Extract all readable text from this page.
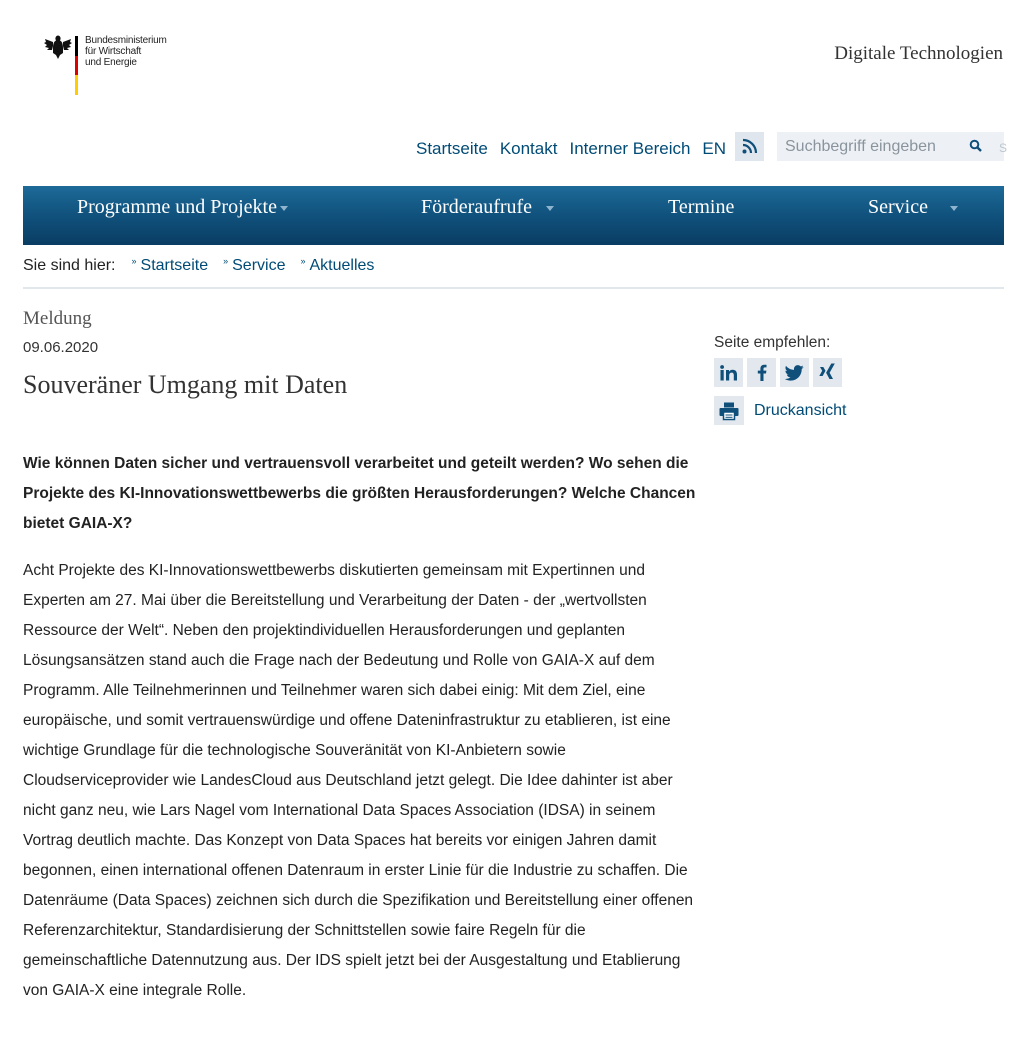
Bundesministerium
für Wirtschaft
und Energie	Digitale Technologien
Startseite Kontakt Interner Bereich EN
Suchbegriff eingeben	S
Programme und Projekte	Förderaufrufe	Termine	Service
Sie sind hier: » Startseite » Service » Aktuelles
Meldung
09.06.2020
Souveräner Umgang mit Daten

Wie können Daten sicher und vertrauensvoll verarbeitet und geteilt werden? Wo sehen die Projekte des KI-Innovationswettbewerbs die größten Herausforderungen? Welche Chancen bietet GAIA-X?

Acht Projekte des KI-Innovationswettbewerbs diskutierten gemeinsam mit Expertinnen und Experten am 27. Mai über die Bereitstellung und Verarbeitung der Daten - der „wertvollsten Ressource der Welt“. Neben den projektindividuellen Herausforderungen und geplanten Lösungsansätzen stand auch die Frage nach der Bedeutung und Rolle von GAIA-X auf dem Programm. Alle Teilnehmerinnen und Teilnehmer waren sich dabei einig: Mit dem Ziel, eine europäische, und somit vertrauenswürdige und offene Dateninfrastruktur zu etablieren, ist eine wichtige Grundlage für die technologische Souveränität von KI-Anbietern sowie Cloudserviceprovider wie LandesCloud aus Deutschland jetzt gelegt. Die Idee dahinter ist aber nicht ganz neu, wie Lars Nagel vom International Data Spaces Association (IDSA) in seinem Vortrag deutlich machte. Das Konzept von Data Spaces hat bereits vor einigen Jahren damit begonnen, einen international offenen Datenraum in erster Linie für die Industrie zu schaffen. Die Datenräume (Data Spaces) zeichnen sich durch die Spezifikation und Bereitstellung einer offenen Referenzarchitektur, Standardisierung der Schnittstellen sowie faire Regeln für die gemeinschaftliche Datennutzung aus. Der IDS spielt jetzt bei der Ausgestaltung und Etablierung von GAIA-X eine integrale Rolle.

Seite empfehlen:
Druckansicht
